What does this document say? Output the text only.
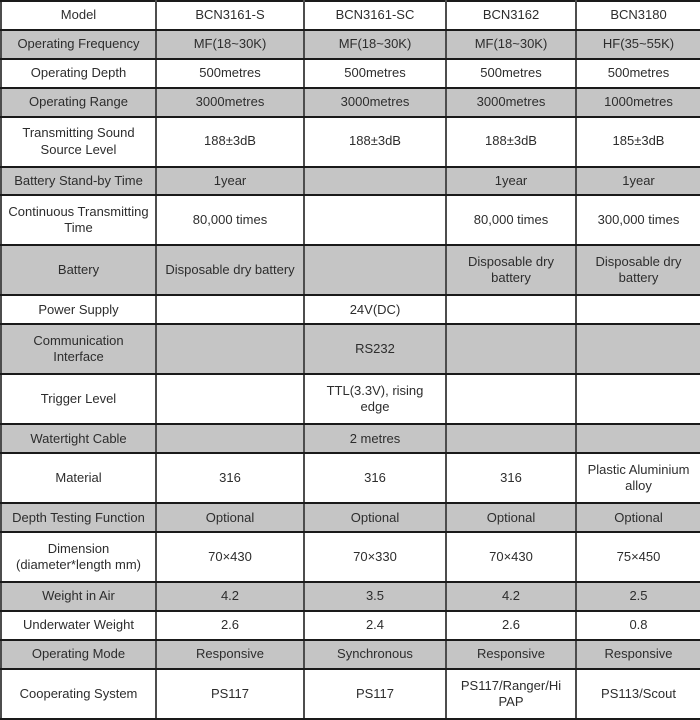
Model	BCN3161-S	BCN3161-SC	BCN3162	BCN3180
Operating Frequency	MF(18~30K)	MF(18~30K)	MF(18~30K)	HF(35~55K)
Operating Depth	500metres	500metres	500metres	500metres
Operating Range	3000metres	3000metres	3000metres	1000metres
Transmitting Sound Source Level	188±3dB	188±3dB	188±3dB	185±3dB
Battery Stand-by Time	1year		1year	1year
Continuous Transmitting Time	80,000 times		80,000 times	300,000 times
Battery	Disposable dry battery		Disposable dry battery	Disposable dry battery
Power Supply		24V(DC)		
Communication Interface		RS232		
Trigger Level		TTL(3.3V), rising edge		
Watertight Cable		2 metres		
Material	316	316	316	Plastic Aluminium alloy
Depth Testing Function	Optional	Optional	Optional	Optional
Dimension (diameter*length mm)	70×430	70×330	70×430	75×450
Weight in Air	4.2	3.5	4.2	2.5
Underwater Weight	2.6	2.4	2.6	0.8
Operating Mode	Responsive	Synchronous	Responsive	Responsive
Cooperating System	PS117	PS117	PS117/Ranger/Hi PAP	PS113/Scout
